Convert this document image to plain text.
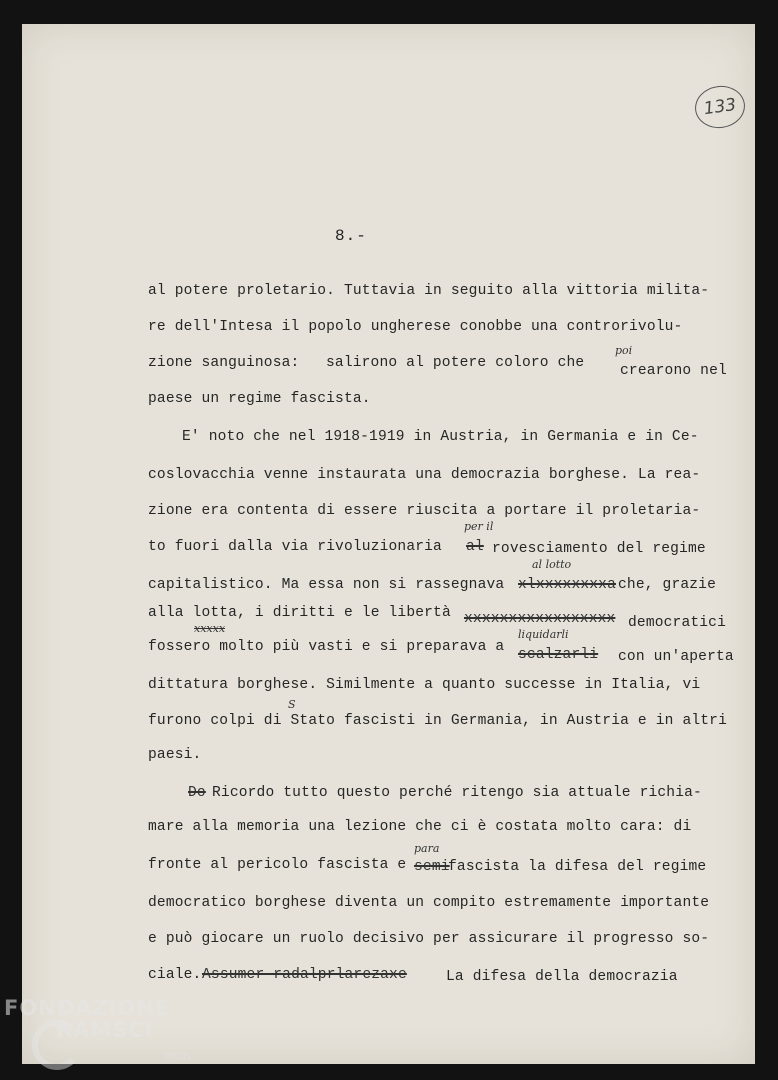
133
8.-
al potere proletario. Tuttavia in seguito alla vittoria milita-
re dell'Intesa il popolo ungherese conobbe una controrivolu-
zione sanguinosa: salirono al potere coloro che crearono nel
poi
paese un regime fascista.
E' noto che nel 1918-1919 in Austria, in Germania e in Ce-
coslovacchia venne instaurata una democrazia borghese. La rea-
zione era contenta di essere riuscita a portare il proletaria-
to fuori dalla via rivoluzionaria al rovesciamento del regime
per il
capitalistico. Ma essa non si rassegnava xlxxxxxxxxa che, grazie
al lotto
alla lotta, i diritti e le libertà xxxxxxxxxxxxxxxxx democratici
fossero molto più vasti e si preparava a scalzarli con un'aperta
xxxxx	liquidarli
dittatura borghese. Similmente a quanto successe in Italia, vi
furono colpi di Stato fascisti in Germania, in Austria e in altri
S
paesi.
Do Ricordo tutto questo perché ritengo sia attuale richia-
mare alla memoria una lezione che ci è costata molto cara: di
fronte al pericolo fascista e semi
fascista la difesa del regime
para
democratico borghese diventa un compito estremamente importante
e può giocare un ruolo decisivo per assicurare il progresso so-
ciale. Assumer radalprlarezaxe	La difesa della democrazia
FONDAZIONE
RAMSCI
onlus
